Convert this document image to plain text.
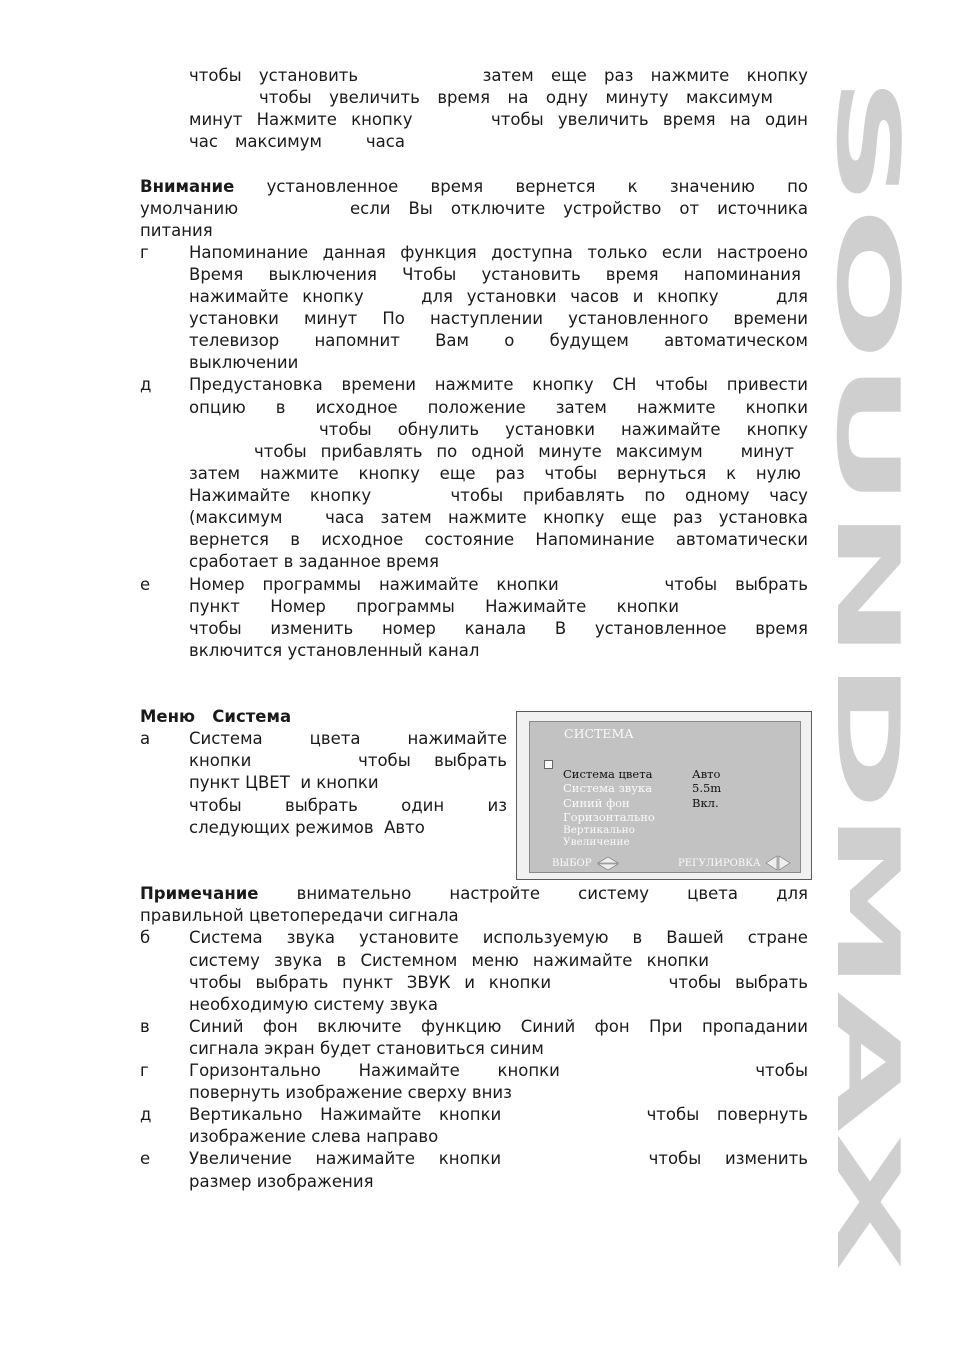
SOUNDMAX
чтобы установить	затем еще раз нажмите кнопку
чтобы увеличить время на одну минуту максимум
минут Нажмите кнопку	чтобы увеличить время на один
час максимум	часа
Внимание установленное время вернется к значению по
умолчанию	если Вы отключите устройство от источника
питания
г Напоминание данная функция доступна только если настроено
Время выключения Чтобы установить время напоминания
нажимайте кнопку	для установки часов и кнопку	для
установки минут По наступлении установленного времени
телевизор напомнит Вам о будущем автоматическом
выключении
д Предустановка времени нажмите кнопку CH чтобы привести
опцию в исходное положение затем нажмите кнопки
чтобы обнулить установки нажимайте кнопку
чтобы прибавлять по одной минуте максимум минут
затем нажмите кнопку еще раз чтобы вернуться к нулю
Нажимайте кнопку	чтобы прибавлять по одному часу
(максимум	часа затем нажмите кнопку еще раз установка
вернется в исходное состояние Напоминание автоматически
сработает в заданное время
е Номер программы нажимайте кнопки	чтобы выбрать
пункт Номер программы Нажимайте кнопки
чтобы изменить номер канала В установленное время
включится установленный канал
Меню Система
а Система	цвета	нажимайте
кнопки	чтобы выбрать
пункт ЦВЕТ и кнопки
чтобы	выбрать	один	из
следующих режимов Авто
СИСТЕМА
Система цвета	Авто
Система звука	5.5m
Синий фон	Вкл.
Горизонтально
Вертикально
Увеличение
ВЫБОР	РЕГУЛИРОВКА
Примечание внимательно настройте систему цвета для
правильной цветопередачи сигнала
б Система звука установите используемую в Вашей стране
систему звука в Системном меню нажимайте кнопки
чтобы выбрать пункт ЗВУК и кнопки	чтобы выбрать
необходимую систему звука
в Синий фон включите функцию Синий фон При пропадании
сигнала экран будет становиться синим
г Горизонтально Нажимайте кнопки	чтобы
повернуть изображение сверху вниз
д Вертикально Нажимайте кнопки	чтобы повернуть
изображение слева направо
е Увеличение нажимайте кнопки	чтобы изменить
размер изображения
